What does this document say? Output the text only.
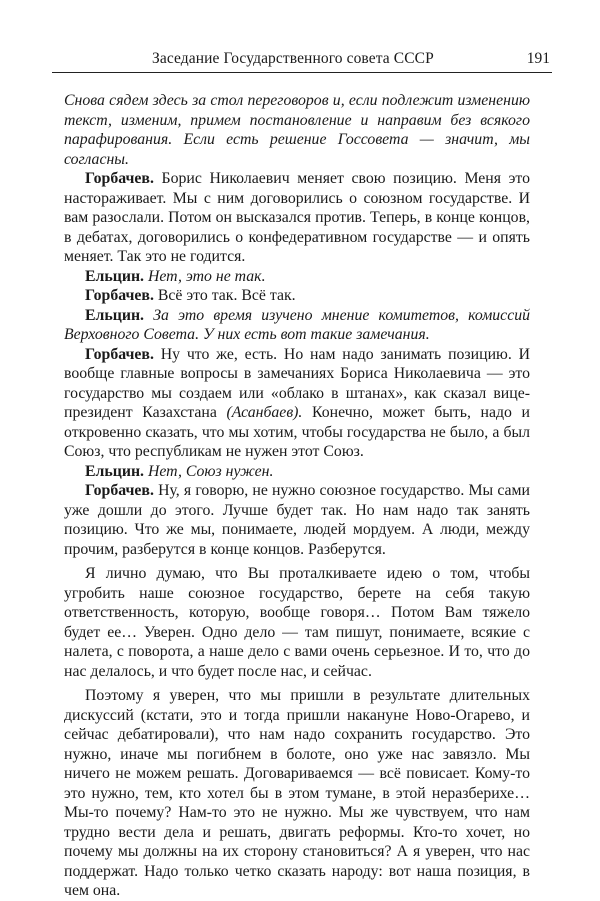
Заседание Государственного совета СССР	191

Снова сядем здесь за стол переговоров и, если подлежит изменению текст, изменим, примем постановление и направим без всякого парафирования. Если есть решение Госсовета — значит, мы согласны.

Горбачев. Борис Николаевич меняет свою позицию. Меня это настораживает. Мы с ним договорились о союзном государстве. И вам разослали. Потом он высказался против. Теперь, в конце концов, в дебатах, договорились о конфедеративном государстве — и опять меняет. Так это не годится.

Ельцин. Нет, это не так.

Горбачев. Всё это так. Всё так.

Ельцин. За это время изучено мнение комитетов, комиссий Верховного Совета. У них есть вот такие замечания.

Горбачев. Ну что же, есть. Но нам надо занимать позицию. И вообще главные вопросы в замечаниях Бориса Николаевича — это государство мы создаем или «облако в штанах», как сказал вице-президент Казахстана (Асанбаев). Конечно, может быть, надо и откровенно сказать, что мы хотим, чтобы государства не было, а был Союз, что республикам не нужен этот Союз.

Ельцин. Нет, Союз нужен.

Горбачев. Ну, я говорю, не нужно союзное государство. Мы сами уже дошли до этого. Лучше будет так. Но нам надо так занять позицию. Что же мы, понимаете, людей мордуем. А люди, между прочим, разберутся в конце концов. Разберутся.

Я лично думаю, что Вы проталкиваете идею о том, чтобы угробить наше союзное государство, берете на себя такую ответственность, которую, вообще говоря… Потом Вам тяжело будет ее… Уверен. Одно дело — там пишут, понимаете, всякие с налета, с поворота, а наше дело с вами очень серьезное. И то, что до нас делалось, и что будет после нас, и сейчас.

Поэтому я уверен, что мы пришли в результате длительных дискуссий (кстати, это и тогда пришли накануне Ново-Огарево, и сейчас дебатировали), что нам надо сохранить государство. Это нужно, иначе мы погибнем в болоте, оно уже нас завязло. Мы ничего не можем решать. Договариваемся — всё повисает. Кому-то это нужно, тем, кто хотел бы в этом тумане, в этой неразберихе… Мы-то почему? Нам-то это не нужно. Мы же чувствуем, что нам трудно вести дела и решать, двигать реформы. Кто-то хочет, но почему мы должны на их сторону становиться? А я уверен, что нас поддержат. Надо только четко сказать народу: вот наша позиция, в чем она.
